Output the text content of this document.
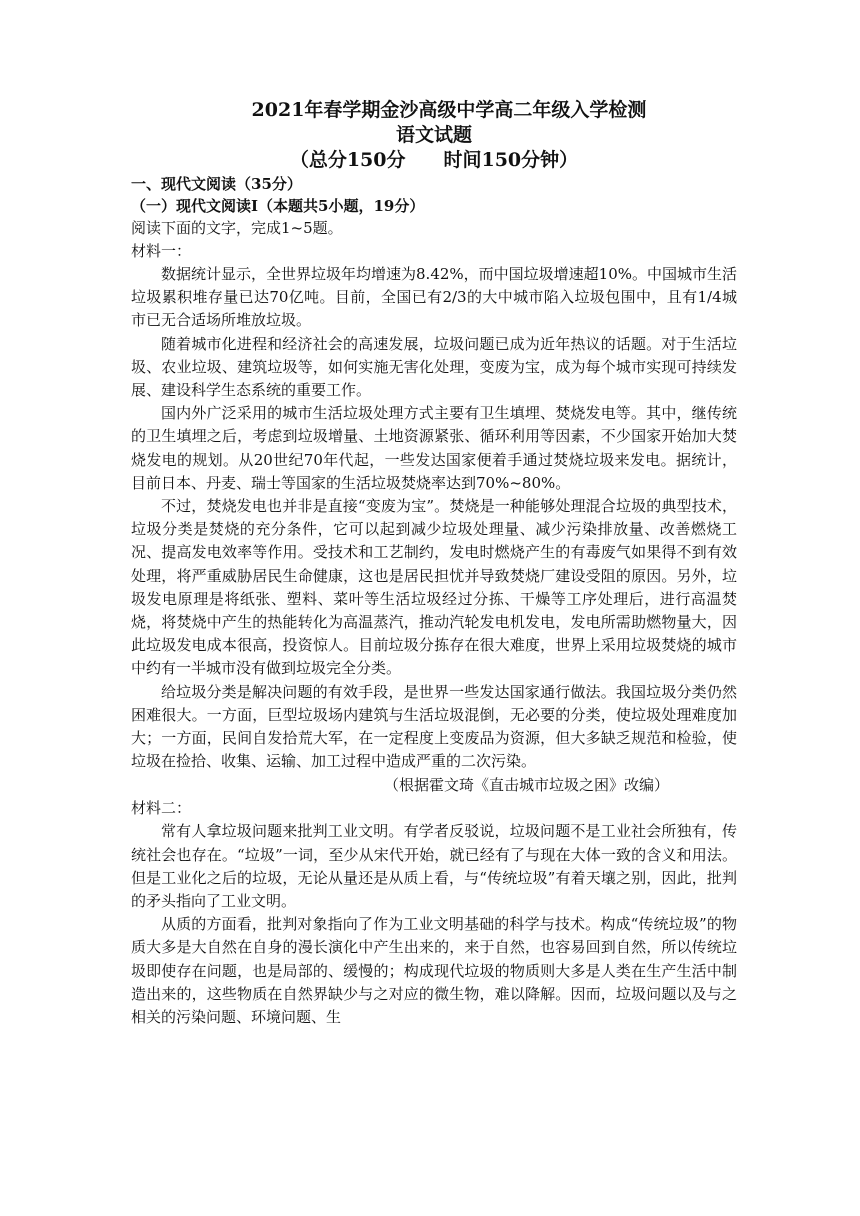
2021年春学期金沙高级中学高二年级入学检测
语文试题
（总分150分　　时间150分钟）
一、现代文阅读（35分）
（一）现代文阅读Ⅰ（本题共5小题，19分）
阅读下面的文字，完成1~5题。
材料一：

数据统计显示，全世界垃圾年均增速为8.42%，而中国垃圾增速超10%。中国城市生活垃圾累积堆存量已达70亿吨。目前，全国已有2/3的大中城市陷入垃圾包围中，且有1/4城市已无合适场所堆放垃圾。

随着城市化进程和经济社会的高速发展，垃圾问题已成为近年热议的话题。对于生活垃圾、农业垃圾、建筑垃圾等，如何实施无害化处理，变废为宝，成为每个城市实现可持续发展、建设科学生态系统的重要工作。

国内外广泛采用的城市生活垃圾处理方式主要有卫生填埋、焚烧发电等。其中，继传统的卫生填埋之后，考虑到垃圾增量、土地资源紧张、循环利用等因素，不少国家开始加大焚烧发电的规划。从20世纪70年代起，一些发达国家便着手通过焚烧垃圾来发电。据统计，目前日本、丹麦、瑞士等国家的生活垃圾焚烧率达到70%~80%。

不过，焚烧发电也并非是直接“变废为宝”。焚烧是一种能够处理混合垃圾的典型技术，垃圾分类是焚烧的充分条件，它可以起到减少垃圾处理量、减少污染排放量、改善燃烧工况、提高发电效率等作用。受技术和工艺制约，发电时燃烧产生的有毒废气如果得不到有效处理，将严重威胁居民生命健康，这也是居民担忧并导致焚烧厂建设受阻的原因。另外，垃圾发电原理是将纸张、塑料、菜叶等生活垃圾经过分拣、干燥等工序处理后，进行高温焚烧，将焚烧中产生的热能转化为高温蒸汽，推动汽轮发电机发电，发电所需助燃物量大，因此垃圾发电成本很高，投资惊人。目前垃圾分拣存在很大难度，世界上采用垃圾焚烧的城市中约有一半城市没有做到垃圾完全分类。

给垃圾分类是解决问题的有效手段，是世界一些发达国家通行做法。我国垃圾分类仍然困难很大。一方面，巨型垃圾场内建筑与生活垃圾混倒，无必要的分类，使垃圾处理难度加大；一方面，民间自发拾荒大军，在一定程度上变废品为资源，但大多缺乏规范和检验，使垃圾在捡拾、收集、运输、加工过程中造成严重的二次污染。

（根据霍文琦《直击城市垃圾之困》改编）
材料二：

常有人拿垃圾问题来批判工业文明。有学者反驳说，垃圾问题不是工业社会所独有，传统社会也存在。“垃圾”一词，至少从宋代开始，就已经有了与现在大体一致的含义和用法。但是工业化之后的垃圾，无论从量还是从质上看，与“传统垃圾”有着天壤之别，因此，批判的矛头指向了工业文明。

从质的方面看，批判对象指向了作为工业文明基础的科学与技术。构成“传统垃圾”的物质大多是大自然在自身的漫长演化中产生出来的，来于自然，也容易回到自然，所以传统垃圾即使存在问题，也是局部的、缓慢的；构成现代垃圾的物质则大多是人类在生产生活中制造出来的，这些物质在自然界缺少与之对应的微生物，难以降解。因而，垃圾问题以及与之相关的污染问题、环境问题、生
